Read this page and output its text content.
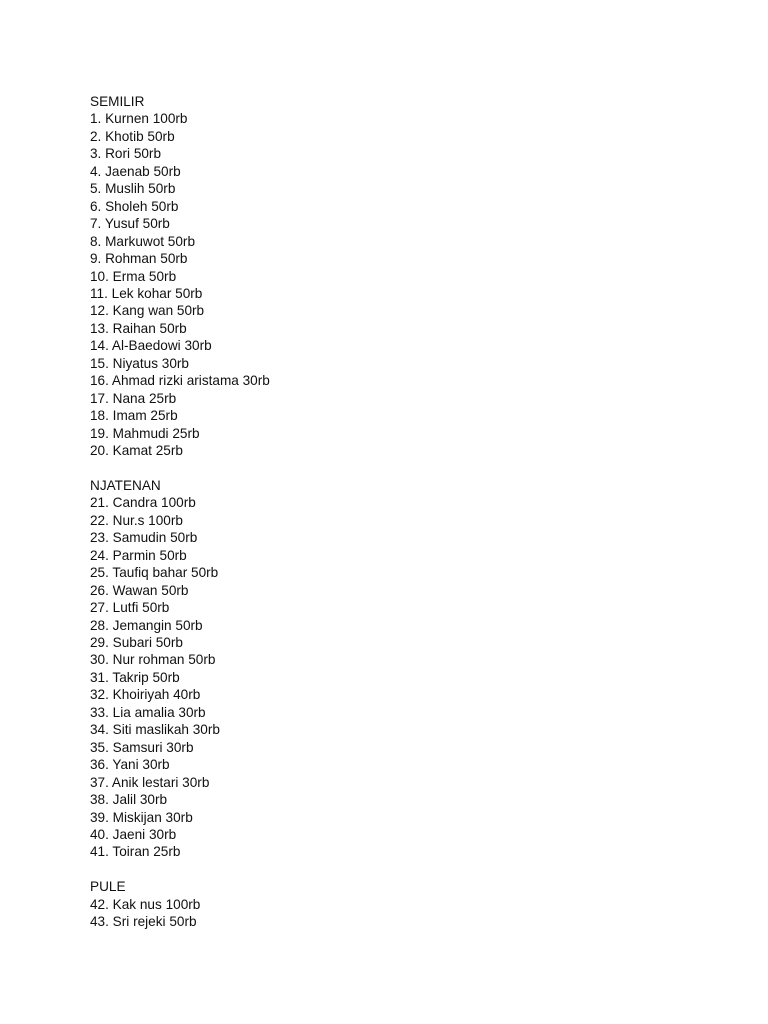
SEMILIR
1. Kurnen 100rb
2. Khotib 50rb
3. Rori 50rb
4. Jaenab 50rb
5. Muslih 50rb
6. Sholeh 50rb
7. Yusuf 50rb
8. Markuwot 50rb
9. Rohman 50rb
10. Erma 50rb
11. Lek kohar 50rb
12. Kang wan 50rb
13. Raihan 50rb
14. Al-Baedowi 30rb
15. Niyatus 30rb
16. Ahmad rizki aristama 30rb
17. Nana 25rb
18. Imam 25rb
19. Mahmudi 25rb
20. Kamat 25rb
NJATENAN
21. Candra 100rb
22. Nur.s 100rb
23. Samudin 50rb
24. Parmin 50rb
25. Taufiq bahar 50rb
26. Wawan 50rb
27. Lutfi 50rb
28. Jemangin 50rb
29. Subari 50rb
30. Nur rohman 50rb
31. Takrip 50rb
32. Khoiriyah 40rb
33. Lia amalia 30rb
34. Siti maslikah 30rb
35. Samsuri 30rb
36. Yani 30rb
37. Anik lestari 30rb
38. Jalil 30rb
39. Miskijan 30rb
40. Jaeni 30rb
41. Toiran 25rb
PULE
42. Kak nus 100rb
43. Sri rejeki 50rb
